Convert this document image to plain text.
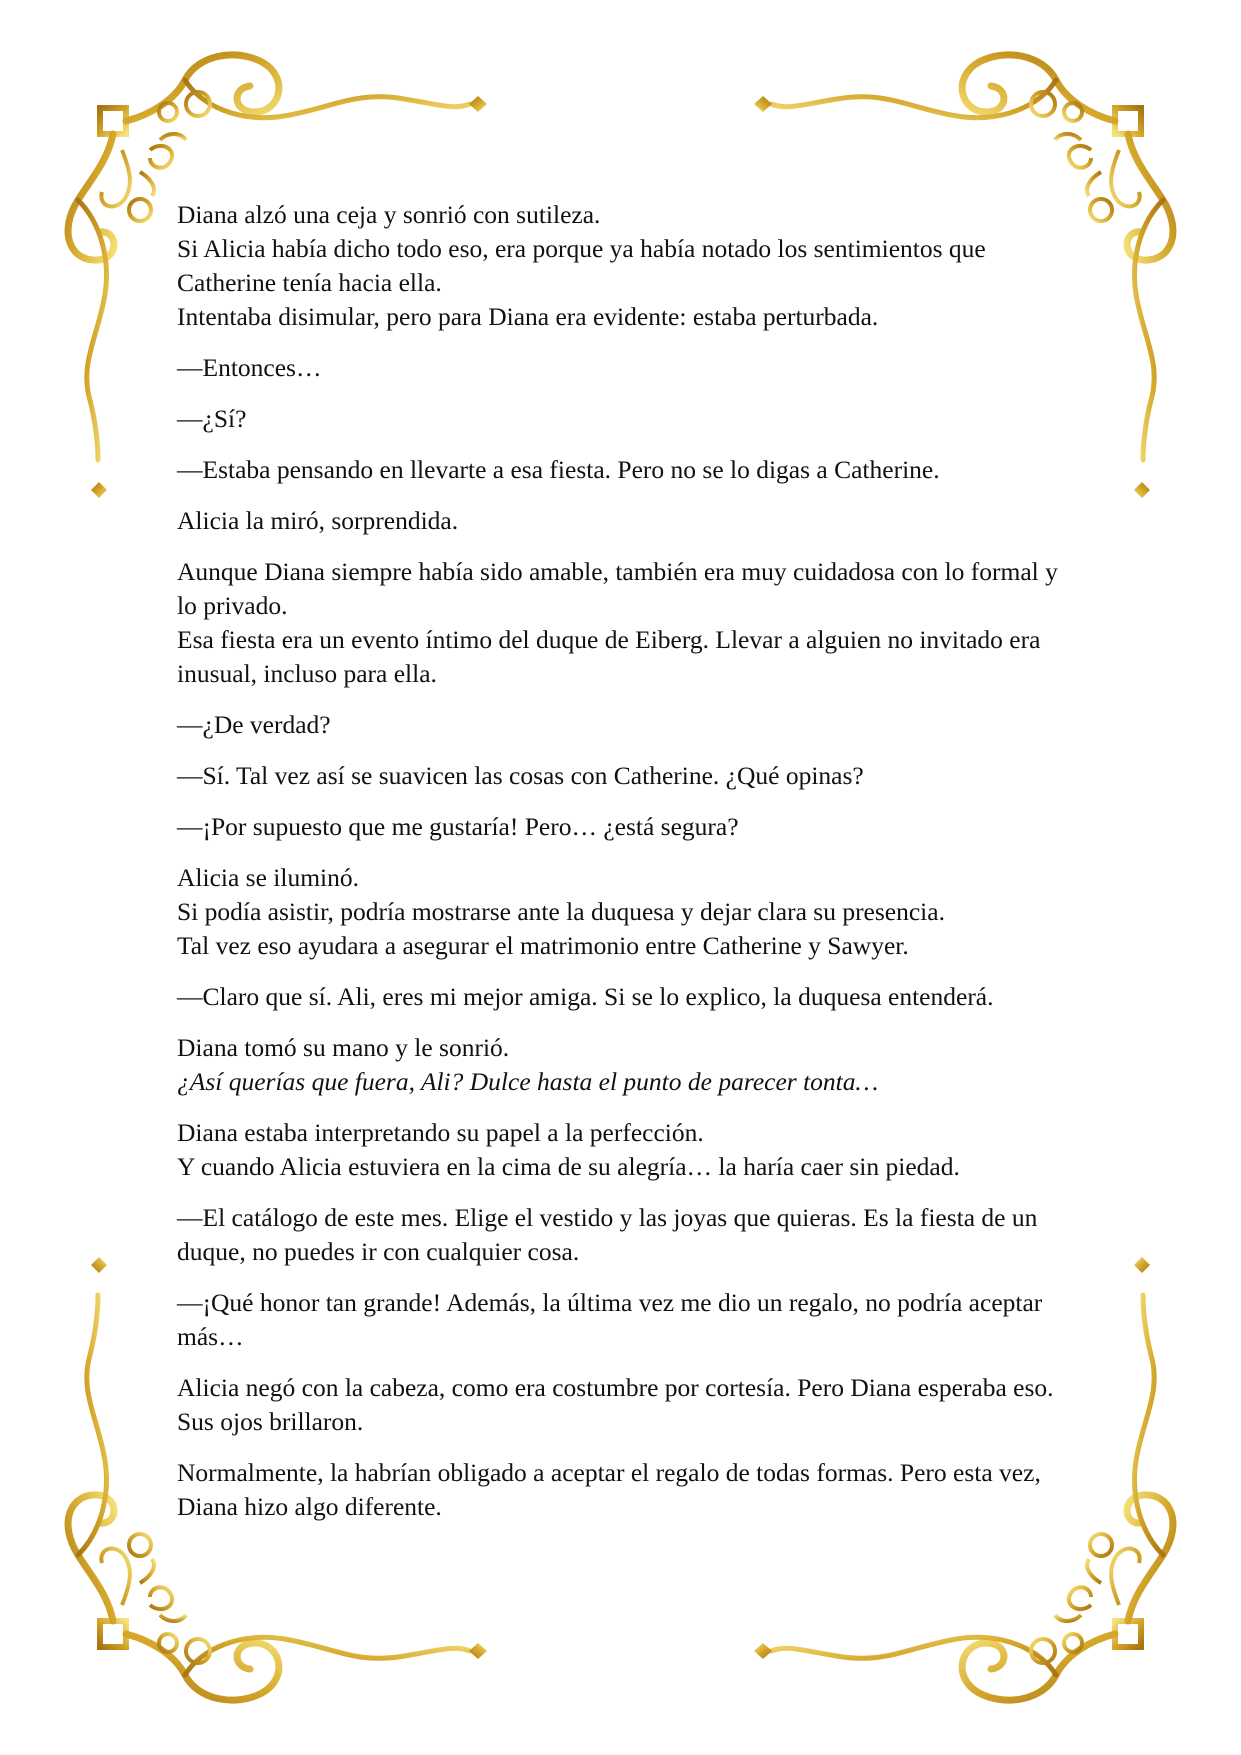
Diana alzó una ceja y sonrió con sutileza.
Si Alicia había dicho todo eso, era porque ya había notado los sentimientos que Catherine tenía hacia ella.
Intentaba disimular, pero para Diana era evidente: estaba perturbada.

—Entonces…

—¿Sí?

—Estaba pensando en llevarte a esa fiesta. Pero no se lo digas a Catherine.

Alicia la miró, sorprendida.

Aunque Diana siempre había sido amable, también era muy cuidadosa con lo formal y lo privado.
Esa fiesta era un evento íntimo del duque de Eiberg. Llevar a alguien no invitado era inusual, incluso para ella.

—¿De verdad?

—Sí. Tal vez así se suavicen las cosas con Catherine. ¿Qué opinas?

—¡Por supuesto que me gustaría! Pero… ¿está segura?

Alicia se iluminó.
Si podía asistir, podría mostrarse ante la duquesa y dejar clara su presencia.
Tal vez eso ayudara a asegurar el matrimonio entre Catherine y Sawyer.

—Claro que sí. Ali, eres mi mejor amiga. Si se lo explico, la duquesa entenderá.

Diana tomó su mano y le sonrió.
¿Así querías que fuera, Ali? Dulce hasta el punto de parecer tonta…

Diana estaba interpretando su papel a la perfección.
Y cuando Alicia estuviera en la cima de su alegría… la haría caer sin piedad.

—El catálogo de este mes. Elige el vestido y las joyas que quieras. Es la fiesta de un duque, no puedes ir con cualquier cosa.

—¡Qué honor tan grande! Además, la última vez me dio un regalo, no podría aceptar más…

Alicia negó con la cabeza, como era costumbre por cortesía. Pero Diana esperaba eso.
Sus ojos brillaron.

Normalmente, la habrían obligado a aceptar el regalo de todas formas. Pero esta vez, Diana hizo algo diferente.
